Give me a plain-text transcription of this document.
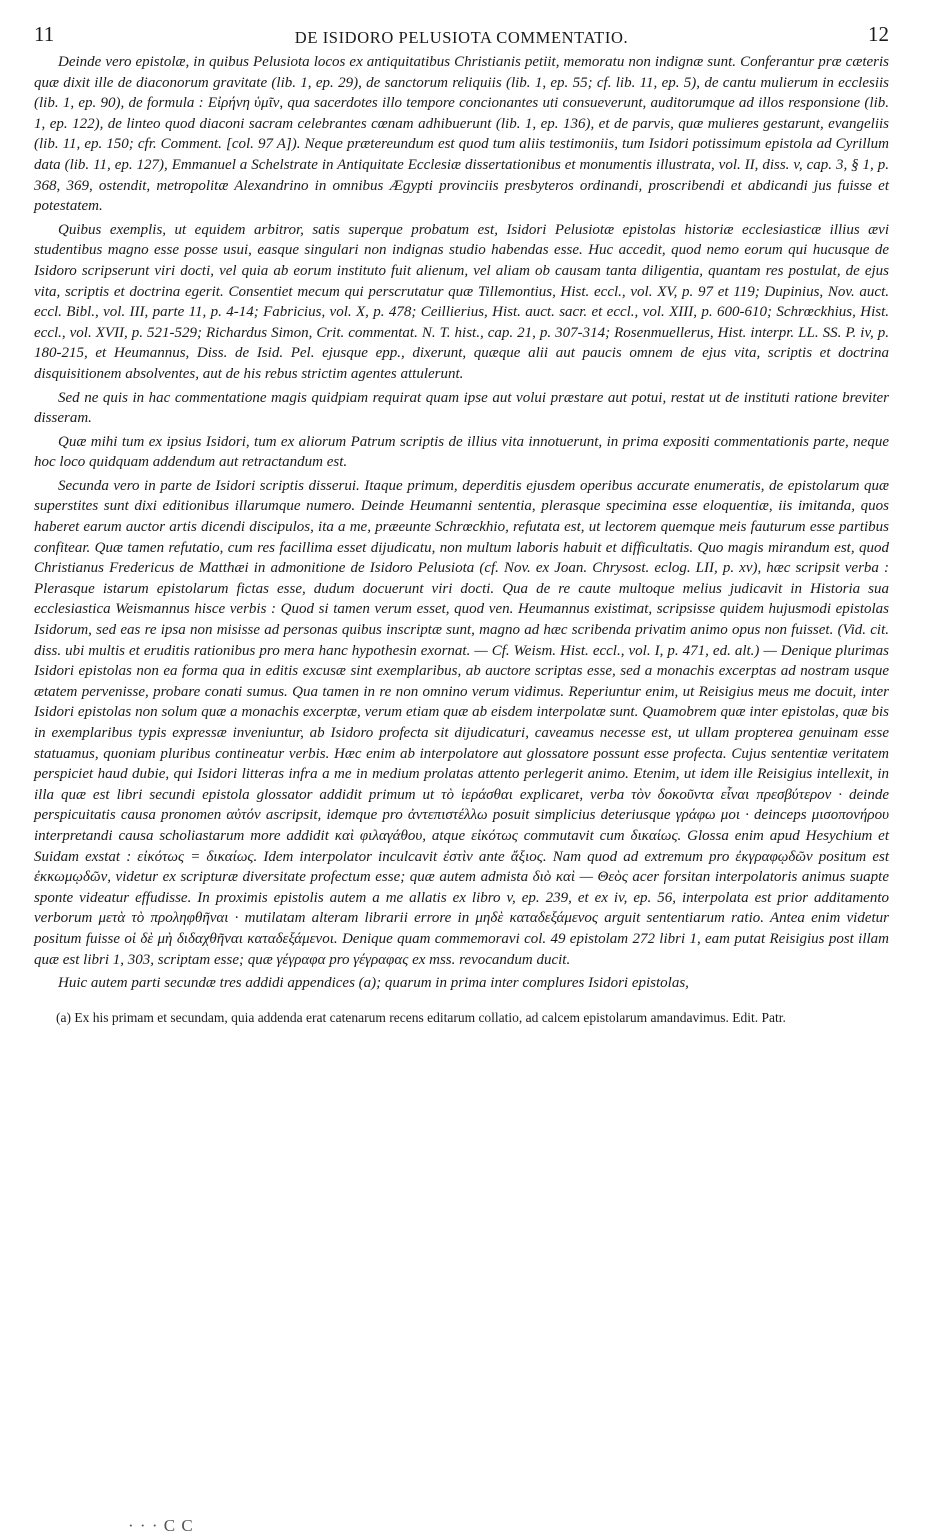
11	DE ISIDORO PELUSIOTA COMMENTATIO.	12

Deinde vero epistolæ, in quibus Pelusiota locos ex antiquitatibus Christianis petiit, memoratu non indignæ sunt. Conferantur præ cæteris quæ dixit ille de diaconorum gravitate (lib. 1, ep. 29), de sanctorum reliquiis (lib. 1, ep. 55; cf. lib. 11, ep. 5), de cantu mulierum in ecclesiis (lib. 1, ep. 90), de formula : Εἰρήνη ὑμῖν, qua sacerdotes illo tempore concionantes uti consueverunt, auditorumque ad illos responsione (lib. 1, ep. 122), de linteo quod diaconi sacram celebrantes cœnam adhibuerunt (lib. 1, ep. 136), et de parvis, quæ mulieres gestarunt, evangeliis (lib. 11, ep. 150; cfr. Comment. [col. 97 A]). Neque prætereundum est quod tum aliis testimoniis, tum Isidori potissimum epistola ad Cyrillum data (lib. 11, ep. 127), Emmanuel a Schelstrate in Antiquitate Ecclesiæ dissertationibus et monumentis illustrata, vol. II, diss. v, cap. 3, § 1, p. 368, 369, ostendit, metropolitæ Alexandrino in omnibus Ægypti provinciis presbyteros ordinandi, proscribendi et abdicandi jus fuisse et potestatem.

Quibus exemplis, ut equidem arbitror, satis superque probatum est, Isidori Pelusiotæ epistolas historiæ ecclesiasticæ illius ævi studentibus magno esse posse usui, easque singulari non indignas studio habendas esse. Huc accedit, quod nemo eorum qui hucusque de Isidoro scripserunt viri docti, vel quia ab eorum instituto fuit alienum, vel aliam ob causam tanta diligentia, quantam res postulat, de ejus vita, scriptis et doctrina egerit. Consentiet mecum qui perscrutatur quæ Tillemontius, Hist. eccl., vol. XV, p. 97 et 119; Dupinius, Nov. auct. eccl. Bibl., vol. III, parte 11, p. 4-14; Fabricius, vol. X, p. 478; Ceillierius, Hist. auct. sacr. et eccl., vol. XIII, p. 600-610; Schrœckhius, Hist. eccl., vol. XVII, p. 521-529; Richardus Simon, Crit. commentat. N. T. hist., cap. 21, p. 307-314; Rosenmuellerus, Hist. interpr. LL. SS. P. iv, p. 180-215, et Heumannus, Diss. de Isid. Pel. ejusque epp., dixerunt, quæque alii aut paucis omnem de ejus vita, scriptis et doctrina disquisitionem absolventes, aut de his rebus strictim agentes attulerunt.

Sed ne quis in hac commentatione magis quidpiam requirat quam ipse aut volui præstare aut potui, restat ut de instituti ratione breviter disseram.

Quæ mihi tum ex ipsius Isidori, tum ex aliorum Patrum scriptis de illius vita innotuerunt, in prima expositi commentationis parte, neque hoc loco quidquam addendum aut retractandum est.

Secunda vero in parte de Isidori scriptis disserui. Itaque primum, deperditis ejusdem operibus accurate enumeratis, de epistolarum quæ superstites sunt dixi editionibus illarumque numero. Deinde Heumanni sententia, plerasque specimina esse eloquentiæ, iis imitanda, quos haberet earum auctor artis dicendi discipulos, ita a me, præeunte Schrœckhio, refutata est, ut lectorem quemque meis fauturum esse partibus confitear. Quæ tamen refutatio, cum res facillima esset dijudicatu, non multum laboris habuit et difficultatis. Quo magis mirandum est, quod Christianus Fredericus de Matthæi in admonitione de Isidoro Pelusiota (cf. Nov. ex Joan. Chrysost. eclog. LII, p. xv), hæc scripsit verba : Plerasque istarum epistolarum fictas esse, dudum docuerunt viri docti. Qua de re caute multoque melius judicavit in Historia sua ecclesiastica Weismannus hisce verbis : Quod si tamen verum esset, quod ven. Heumannus existimat, scripsisse quidem hujusmodi epistolas Isidorum, sed eas re ipsa non misisse ad personas quibus inscriptæ sunt, magno ad hæc scribenda privatim animo opus non fuisset. (Vid. cit. diss. ubi multis et eruditis rationibus pro mera hanc hypothesin exornat. — Cf. Weism. Hist. eccl., vol. I, p. 471, ed. alt.) — Denique plurimas Isidori epistolas non ea forma qua in editis excusæ sint exemplaribus, ab auctore scriptas esse, sed a monachis excerptas ad nostram usque ætatem pervenisse, probare conati sumus. Qua tamen in re non omnino verum vidimus. Reperiuntur enim, ut Reisigius meus me docuit, inter Isidori epistolas non solum quæ a monachis excerptæ, verum etiam quæ ab eisdem interpolatæ sunt. Quamobrem quæ inter epistolas, quæ bis in exemplaribus typis expressæ inveniuntur, ab Isidoro profecta sit dijudicaturi, caveamus necesse est, ut ullam propterea genuinam esse statuamus, quoniam pluribus contineatur verbis. Hæc enim ab interpolatore aut glossatore possunt esse profecta. Cujus sententiæ veritatem perspiciet haud dubie, qui Isidori litteras infra a me in medium prolatas attento perlegerit animo. Etenim, ut idem ille Reisigius intellexit, in illa quæ est libri secundi epistola glossator addidit primum ut τὸ ἱεράσθαι explicaret, verba τὸν δοκοῦντα εἶναι πρεσβύτερον · deinde perspicuitatis causa pronomen αὐτόν ascripsit, idemque pro ἀντεπιστέλλω posuit simplicius deteriusque γράφω μοι · deinceps μισοπονήρου interpretandi causa scholiastarum more addidit καὶ φιλαγάθου, atque εἰκότως commutavit cum δικαίως. Glossa enim apud Hesychium et Suidam exstat : εἰκότως = δικαίως. Idem interpolator inculcavit ἐστὶν ante ἄξιος. Nam quod ad extremum pro ἐκγραφῳδῶν positum est ἐκκωμῳδῶν, videtur ex scripturæ diversitate profectum esse; quæ autem admista διὸ καὶ — Θεὸς acer forsitan interpolatoris animus suapte sponte videatur effudisse. In proximis epistolis autem a me allatis ex libro v, ep. 239, et ex iv, ep. 56, interpolata est prior additamento verborum μετὰ τὸ προληφθῆναι · mutilatam alteram librarii errore in μηδὲ καταδεξάμενος arguit sententiarum ratio. Antea enim videtur positum fuisse οἱ δὲ μὴ διδαχθῆναι καταδεξάμενοι. Denique quam commemoravi col. 49 epistolam 272 libri 1, eam putat Reisigius post illam quæ est libri 1, 303, scriptam esse; quæ γέγραφα pro γέγραφας ex mss. revocandum ducit.

Huic autem parti secundæ tres addidi appendices (a); quarum in prima inter complures Isidori epistolas,

(a) Ex his primam et secundam, quia addenda erat catenarum recens editarum collatio, ad calcem epistolarum amandavimus. Edit. Patr.
· · · C C
